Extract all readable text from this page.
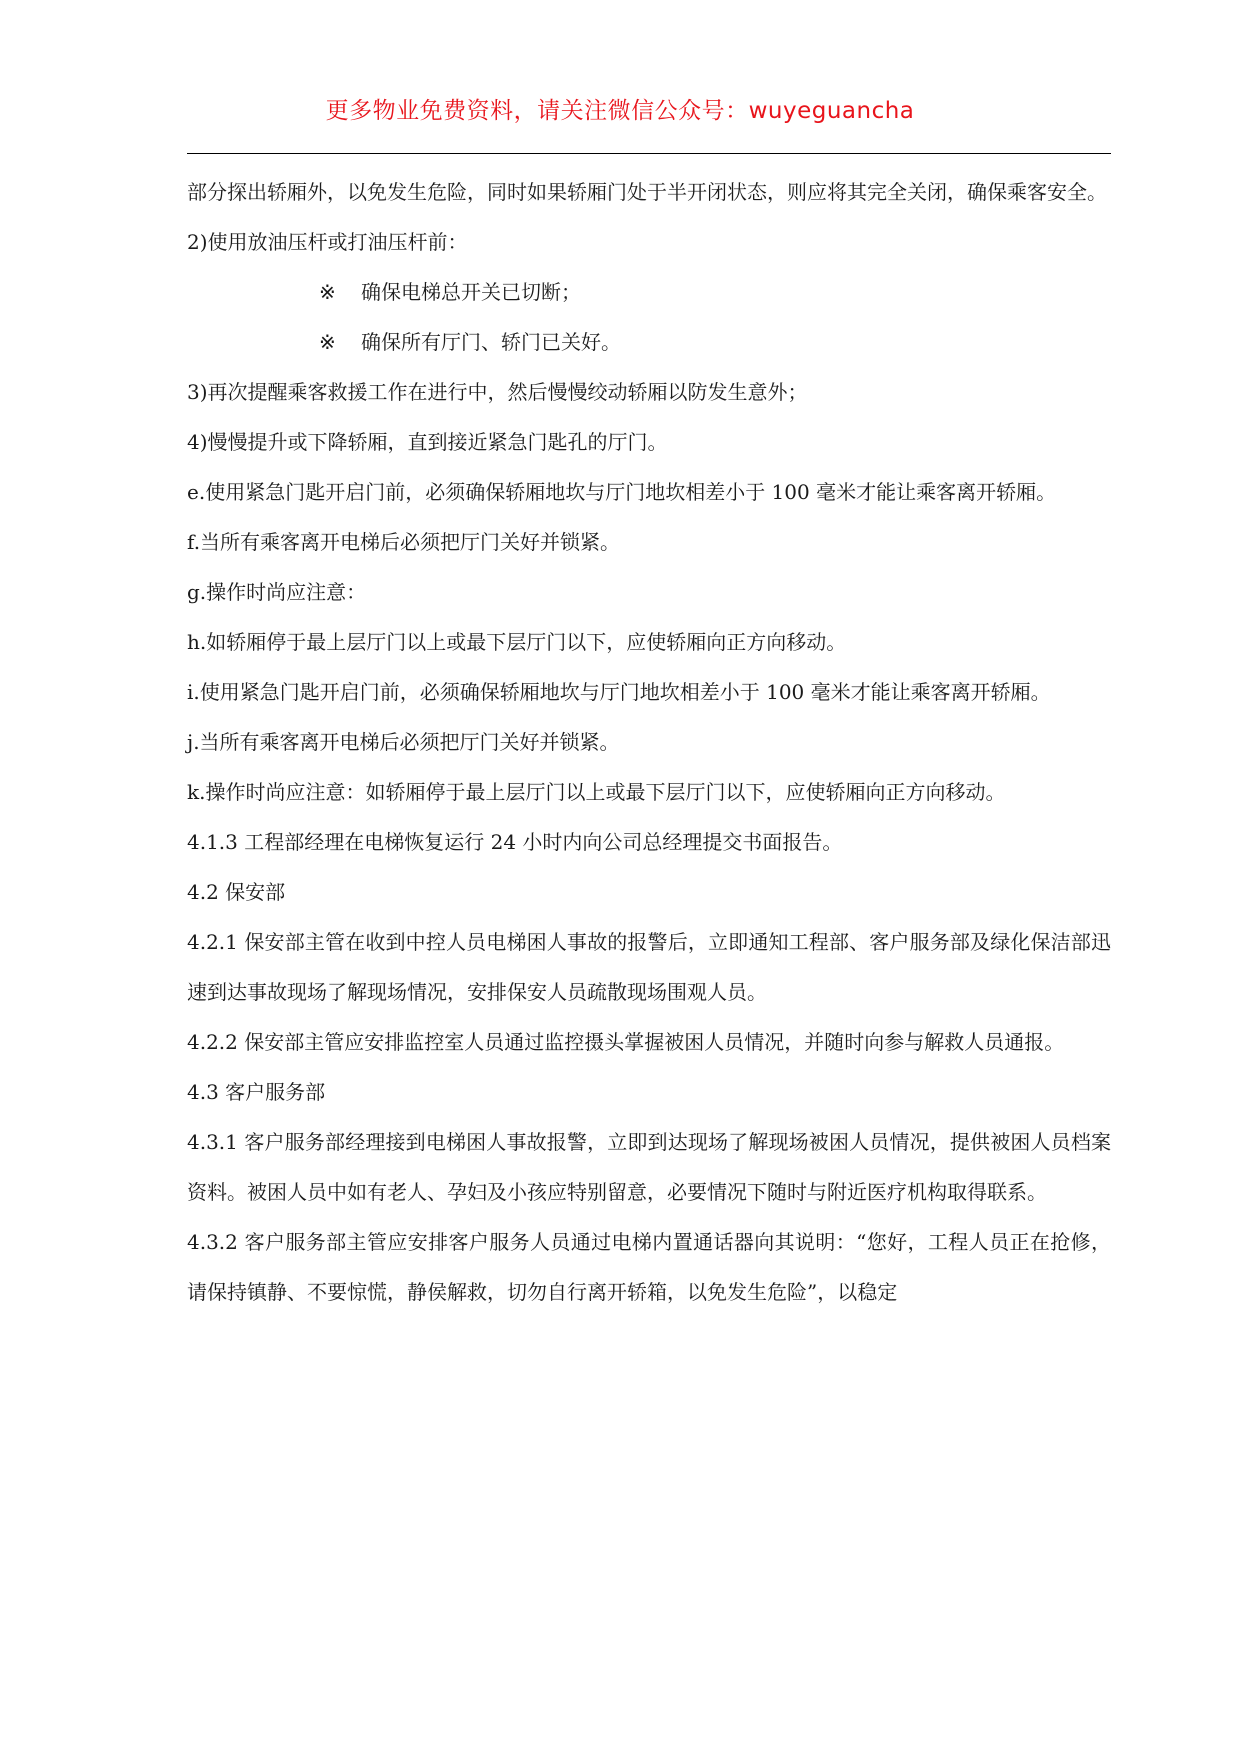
更多物业免费资料，请关注微信公众号：wuyeguancha

部分探出轿厢外，以免发生危险，同时如果轿厢门处于半开闭状态，则应将其完全关闭，确保乘客安全。

2)使用放油压杆或打油压杆前：

※ 确保电梯总开关已切断；

※ 确保所有厅门、轿门已关好。

3)再次提醒乘客救援工作在进行中，然后慢慢绞动轿厢以防发生意外；

4)慢慢提升或下降轿厢，直到接近紧急门匙孔的厅门。

e.使用紧急门匙开启门前，必须确保轿厢地坎与厅门地坎相差小于 100 毫米才能让乘客离开轿厢。

f.当所有乘客离开电梯后必须把厅门关好并锁紧。

g.操作时尚应注意：

h.如轿厢停于最上层厅门以上或最下层厅门以下，应使轿厢向正方向移动。

i.使用紧急门匙开启门前，必须确保轿厢地坎与厅门地坎相差小于 100 毫米才能让乘客离开轿厢。

j.当所有乘客离开电梯后必须把厅门关好并锁紧。

k.操作时尚应注意：如轿厢停于最上层厅门以上或最下层厅门以下，应使轿厢向正方向移动。

4.1.3 工程部经理在电梯恢复运行 24 小时内向公司总经理提交书面报告。

4.2 保安部

4.2.1 保安部主管在收到中控人员电梯困人事故的报警后，立即通知工程部、客户服务部及绿化保洁部迅速到达事故现场了解现场情况，安排保安人员疏散现场围观人员。

4.2.2 保安部主管应安排监控室人员通过监控摄头掌握被困人员情况，并随时向参与解救人员通报。

4.3 客户服务部

4.3.1 客户服务部经理接到电梯困人事故报警，立即到达现场了解现场被困人员情况，提供被困人员档案资料。被困人员中如有老人、孕妇及小孩应特别留意，必要情况下随时与附近医疗机构取得联系。

4.3.2 客户服务部主管应安排客户服务人员通过电梯内置通话器向其说明：“您好，工程人员正在抢修，请保持镇静、不要惊慌，静侯解救，切勿自行离开轿箱，以免发生危险”，以稳定
